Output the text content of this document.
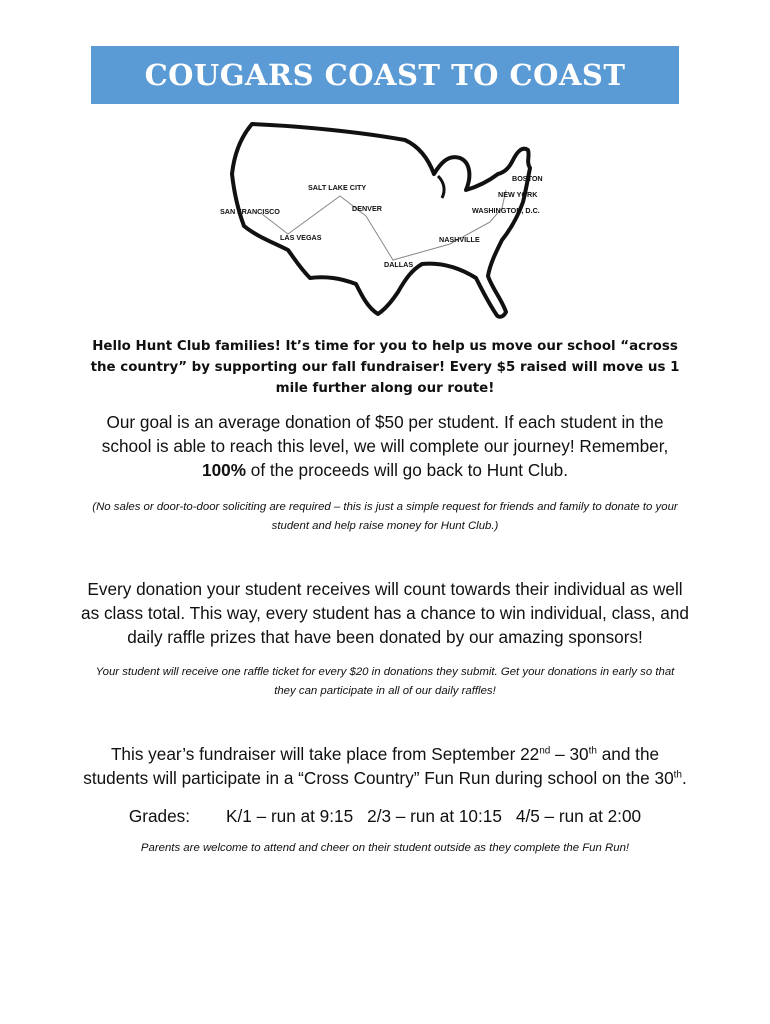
COUGARS COAST TO COAST
SAN FRANCISCO
LAS VEGAS
SALT LAKE CITY
DENVER
DALLAS
NASHVILLE
WASHINGTON, D.C.
NEW YORK
BOSTON
Hello Hunt Club families! It’s time for you to help us move our school “across the country” by supporting our fall fundraiser! Every $5 raised will move us 1 mile further along our route!
Our goal is an average donation of $50 per student. If each student in the school is able to reach this level, we will complete our journey! Remember, 100% of the proceeds will go back to Hunt Club.
(No sales or door-to-door soliciting are required – this is just a simple request for friends and family to donate to your student and help raise money for Hunt Club.)
Every donation your student receives will count towards their individual as well as class total. This way, every student has a chance to win individual, class, and daily raffle prizes that have been donated by our amazing sponsors!
Your student will receive one raffle ticket for every $20 in donations they submit. Get your donations in early so that they can participate in all of our daily raffles!
This year’s fundraiser will take place from September 22nd – 30th and the students will participate in a “Cross Country” Fun Run during school on the 30th.
Grades: K/1 – run at 9:15 2/3 – run at 10:15 4/5 – run at 2:00
Parents are welcome to attend and cheer on their student outside as they complete the Fun Run!
